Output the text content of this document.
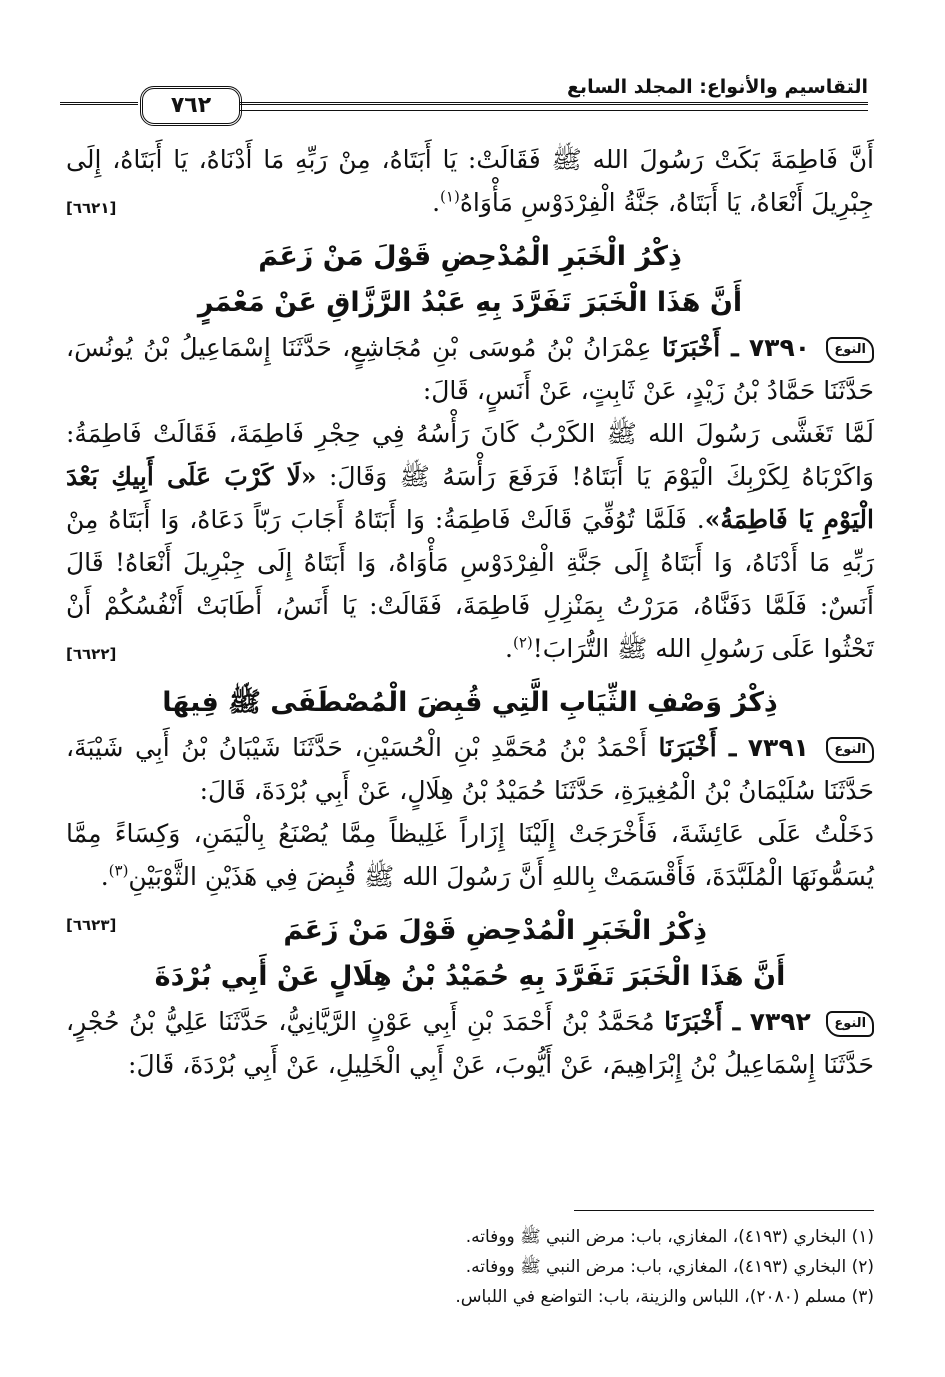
٧٦٢
التقاسيم والأنواع: المجلد السابع

أَنَّ فَاطِمَةَ بَكَتْ رَسُولَ الله ﷺ فَقَالَتْ: يَا أَبَتَاهُ، مِنْ رَبِّهِ مَا أَدْنَاهُ، يَا أَبَتَاهُ، إِلَى جِبْرِيلَ أَنْعَاهُ، يَا أَبَتَاهُ، جَنَّةُ الْفِرْدَوْسِ مَأْوَاهُ$^{(١)}$.
[٦٦٢١]

ذِكْرُ الْخَبَرِ الْمُدْحِضِ قَوْلَ مَنْ زَعَمَ
أَنَّ هَذَا الْخَبَرَ تَفَرَّدَ بِهِ عَبْدُ الرَّزَّاقِ عَنْ مَعْمَرٍ

النوع ٧٣٩٠ ـ أَخْبَرَنَا عِمْرَانُ بْنُ مُوسَى بْنِ مُجَاشِعٍ، حَدَّثَنَا إِسْمَاعِيلُ بْنُ يُونُسَ، حَدَّثَنَا حَمَّادُ بْنُ زَيْدٍ، عَنْ ثَابِتٍ، عَنْ أَنَسٍ، قَالَ:

لَمَّا تَغَشَّى رَسُولَ الله ﷺ الكَرْبُ كَانَ رَأْسُهُ فِي حِجْرِ فَاطِمَةَ، فَقَالَتْ فَاطِمَةُ: وَاكَرْبَاهُ لِكَرْبِكَ الْيَوْمَ يَا أَبَتَاهُ! فَرَفَعَ رَأْسَهُ ﷺ وَقَالَ: «لَا كَرْبَ عَلَى أَبِيكِ بَعْدَ الْيَوْمِ يَا فَاطِمَةُ». فَلَمَّا تُوُفِّيَ قَالَتْ فَاطِمَةُ: وَا أَبَتَاهُ أَجَابَ رَبّاً دَعَاهُ، وَا أَبَتَاهُ مِنْ رَبِّهِ مَا أَدْنَاهُ، وَا أَبَتَاهُ إِلَى جَنَّةِ الْفِرْدَوْسِ مَأْوَاهُ، وَا أَبَتَاهُ إِلَى جِبْرِيلَ أَنْعَاهُ! قَالَ أَنَسٌ: فَلَمَّا دَفَنَّاهُ، مَرَرْتُ بِمَنْزِلِ فَاطِمَةَ، فَقَالَتْ: يَا أَنَسُ، أَطَابَتْ أَنْفُسُكُمْ أَنْ تَحْثُوا عَلَى رَسُولِ الله ﷺ التُّرَابَ!$^{(٢)}$.
[٦٦٢٢]

ذِكْرُ وَصْفِ الثِّيَابِ الَّتِي قُبِضَ الْمُصْطَفَى ﷺ فِيهَا

النوع ٧٣٩١ ـ أَخْبَرَنَا أَحْمَدُ بْنُ مُحَمَّدِ بْنِ الْحُسَيْنِ، حَدَّثَنَا شَيْبَانُ بْنُ أَبِي شَيْبَةَ، حَدَّثَنَا سُلَيْمَانُ بْنُ الْمُغِيرَةِ، حَدَّثَنَا حُمَيْدُ بْنُ هِلَالٍ، عَنْ أَبِي بُرْدَةَ، قَالَ:

دَخَلْتُ عَلَى عَائِشَةَ، فَأَخْرَجَتْ إِلَيْنَا إِزَاراً غَلِيظاً مِمَّا يُصْنَعُ بِالْيَمَنِ، وَكِسَاءً مِمَّا يُسَمُّونَهَا الْمُلَبَّدَةَ، فَأَقْسَمَتْ بِاللهِ أَنَّ رَسُولَ الله ﷺ قُبِضَ فِي هَذَيْنِ الثَّوْبَيْنِ$^{(٣)}$.
[٦٦٢٣]	ذِكْرُ الْخَبَرِ الْمُدْحِضِ قَوْلَ مَنْ زَعَمَ
أَنَّ هَذَا الْخَبَرَ تَفَرَّدَ بِهِ حُمَيْدُ بْنُ هِلَالٍ عَنْ أَبِي بُرْدَةَ

النوع ٧٣٩٢ ـ أَخْبَرَنَا مُحَمَّدُ بْنُ أَحْمَدَ بْنِ أَبِي عَوْنٍ الرَّيَّانِيُّ، حَدَّثَنَا عَلِيُّ بْنُ حُجْرٍ، حَدَّثَنَا إِسْمَاعِيلُ بْنُ إِبْرَاهِيمَ، عَنْ أَيُّوبَ، عَنْ أَبِي الْخَلِيلِ، عَنْ أَبِي بُرْدَةَ، قَالَ:

(١) البخاري (٤١٩٣)، المغازي، باب: مرض النبي ﷺ ووفاته.
(٢) البخاري (٤١٩٣)، المغازي، باب: مرض النبي ﷺ ووفاته.
(٣) مسلم (٢٠٨٠)، اللباس والزينة، باب: التواضع في اللباس.
